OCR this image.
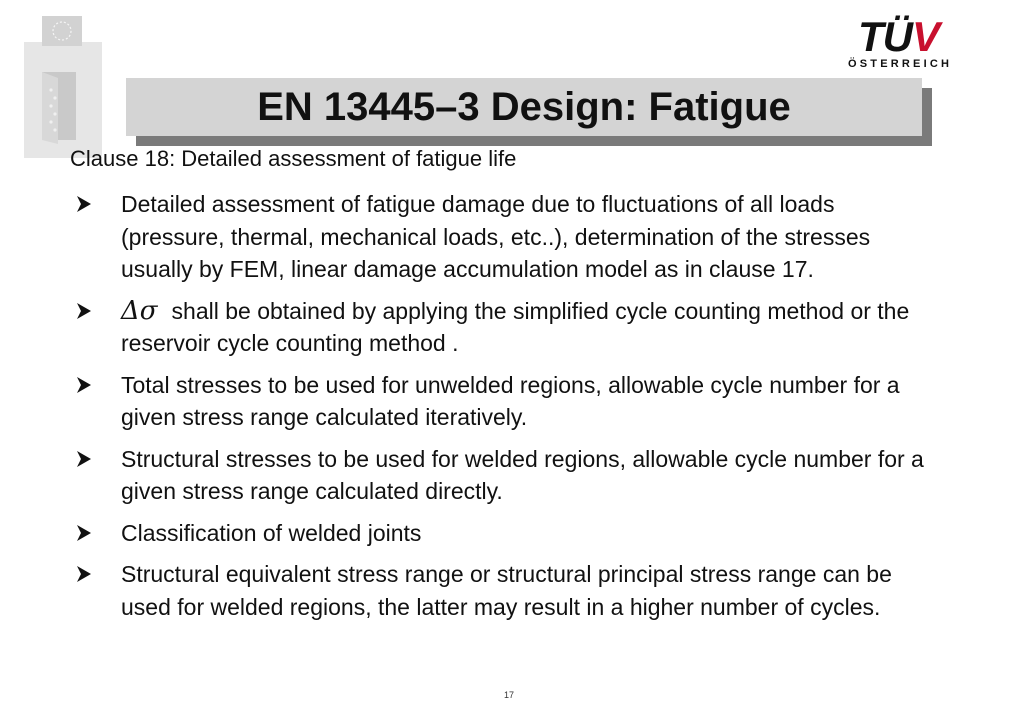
TÜV
ÖSTERREICH
EN 13445–3 Design: Fatigue
Clause 18: Detailed assessment of fatigue life
Detailed assessment of fatigue damage due to fluctuations of all loads (pressure, thermal, mechanical loads, etc..), determination of the stresses usually by FEM, linear damage accumulation model as in clause 17.
Δσ shall be obtained by applying the simplified cycle counting method or the reservoir cycle counting method .
Total stresses to be used for unwelded regions, allowable cycle number for a given stress range calculated iteratively.
Structural stresses to be used for welded regions, allowable cycle number for a given stress range calculated directly.
Classification of welded joints
Structural equivalent stress range or structural principal stress range can be used for welded regions, the latter may result in a higher number of cycles.
17
